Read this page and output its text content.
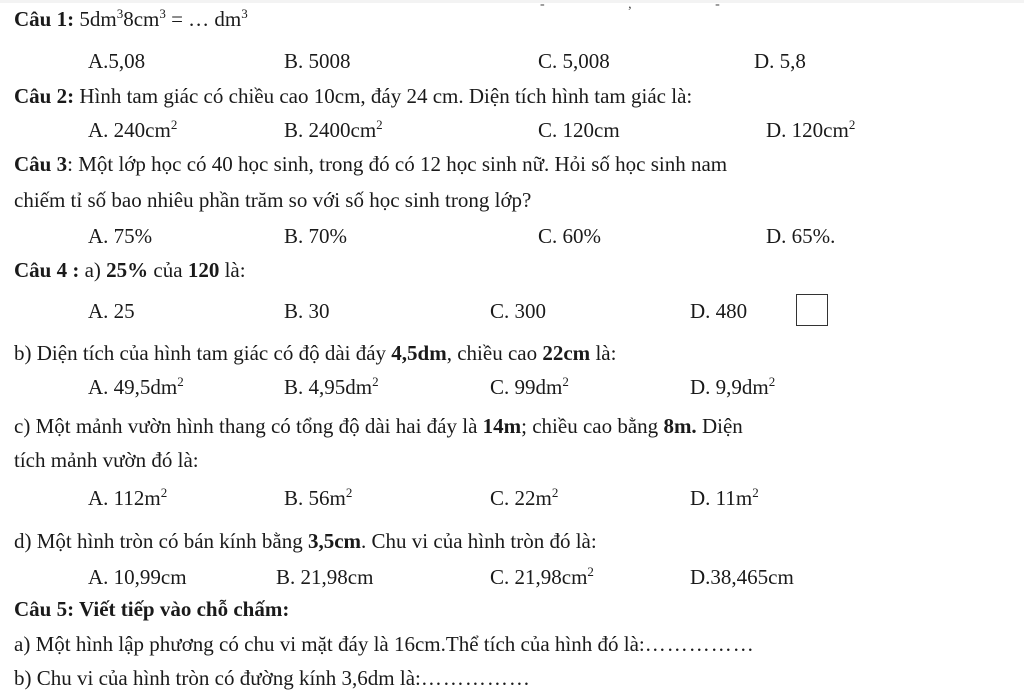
- , -
Câu 1: $5dm^38cm^3$ = … $dm^3$
A.5,08	B. 5008	C. 5,008	D. 5,8
Câu 2: Hình tam giác có chiều cao 10cm, đáy 24 cm. Diện tích hình tam giác là:
A. $240cm^2$	B. $2400cm^2$	C. 120cm	D. $120cm^2$
Câu 3: Một lớp học có 40 học sinh, trong đó có 12 học sinh nữ. Hỏi số học sinh nam
chiếm tỉ số bao nhiêu phần trăm so với số học sinh trong lớp?
A. 75%	B. 70%	C. 60%	D. 65%.
Câu 4 : a) 25% của 120 là:
A. 25	B. 30	C. 300	D. 480
b) Diện tích của hình tam giác có độ dài đáy 4,5dm, chiều cao 22cm là:
A. $49,5dm^2$	B. $4,95dm^2$	C. $99dm^2$	D. $9,9dm^2$
c) Một mảnh vườn hình thang có tổng độ dài hai đáy là 14m; chiều cao bằng 8m. Diện
tích mảnh vườn đó là:
A. $112m^2$	B. $56m^2$	C. $22m^2$	D. $11m^2$
d) Một hình tròn có bán kính bằng 3,5cm. Chu vi của hình tròn đó là:
A. 10,99cm	B. 21,98cm	C. $21,98cm^2$	D.38,465cm
Câu 5: Viết tiếp vào chỗ chấm:
a) Một hình lập phương có chu vi mặt đáy là 16cm.Thể tích của hình đó là:……………
b) Chu vi của hình tròn có đường kính 3,6dm là:……………
